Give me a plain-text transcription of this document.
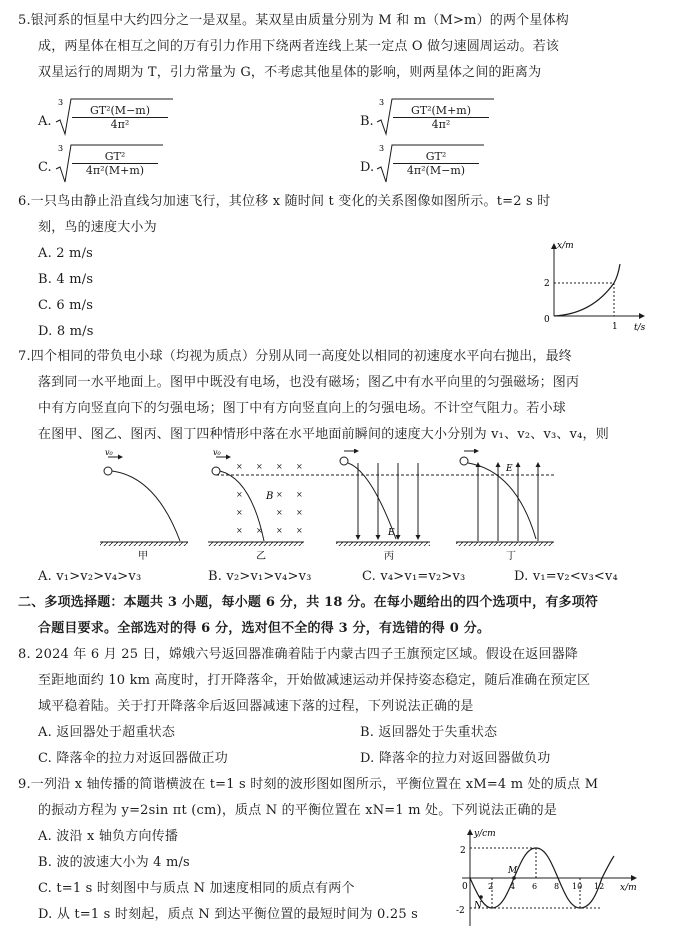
5.银河系的恒星中大约四分之一是双星。某双星由质量分别为 M 和 m（M>m）的两个星体构
成，两星体在相互之间的万有引力作用下绕两者连线上某一定点 O 做匀速圆周运动。若该
双星运行的周期为 T，引力常量为 G，不考虑其他星体的影响，则两星体之间的距离为
A.
3
$\frac{\text{GT²(M−m)}}{\text{4π²}}$	B.
3
$\frac{\text{GT²(M+m)}}{\text{4π²}}$
C.
3
$\frac{\text{GT²}}{\text{4π²(M+m)}}$	D.
3
$\frac{\text{GT²}}{\text{4π²(M−m)}}$
6.一只鸟由静止沿直线匀加速飞行，其位移 x 随时间 t 变化的关系图像如图所示。t=2 s 时
刻，鸟的速度大小为
A. 2 m/s
B. 4 m/s
C. 6 m/s
D. 8 m/s
x/m
t/s
2
1
0
7.四个相同的带负电小球（均视为质点）分别从同一高度处以相同的初速度水平向右抛出，最终
落到同一水平地面上。图甲中既没有电场，也没有磁场；图乙中有水平向里的匀强磁场；图丙
中有方向竖直向下的匀强电场；图丁中有方向竖直向上的匀强电场。不计空气阻力。若小球
在图甲、图乙、图丙、图丁四种情形中落在水平地面前瞬间的速度大小分别为 v₁、v₂、v₃、v₄，则
v₀
甲
v₀
× × × ×
×	× ×
×	× ×
× × × ×
B
乙
E
丙
E
丁
A. v₁>v₂>v₄>v₃	B. v₂>v₁>v₄>v₃	C. v₄>v₁=v₂>v₃	D. v₁=v₂<v₃<v₄
二、多项选择题：本题共 3 小题，每小题 6 分，共 18 分。在每小题给出的四个选项中，有多项符
合题目要求。全部选对的得 6 分，选对但不全的得 3 分，有选错的得 0 分。
8. 2024 年 6 月 25 日，嫦娥六号返回器准确着陆于内蒙古四子王旗预定区域。假设在返回器降
至距地面约 10 km 高度时，打开降落伞，开始做减速运动并保持姿态稳定，随后准确在预定区
域平稳着陆。关于打开降落伞后返回器减速下落的过程，下列说法正确的是
A. 返回器处于超重状态	B. 返回器处于失重状态
C. 降落伞的拉力对返回器做正功	D. 降落伞的拉力对返回器做负功
9.一列沿 x 轴传播的简谐横波在 t=1 s 时刻的波形图如图所示，平衡位置在 xM=4 m 处的质点 M
的振动方程为 y=2sin πt (cm)，质点 N 的平衡位置在 xN=1 m 处。下列说法正确的是
A. 波沿 x 轴负方向传播
B. 波的波速大小为 4 m/s
C. t=1 s 时刻图中与质点 N 加速度相同的质点有两个
D. 从 t=1 s 时刻起，质点 N 到达平衡位置的最短时间为 0.25 s
y/cm
x/m
2
-2
0	2 4 6 8 10 12
M
N
